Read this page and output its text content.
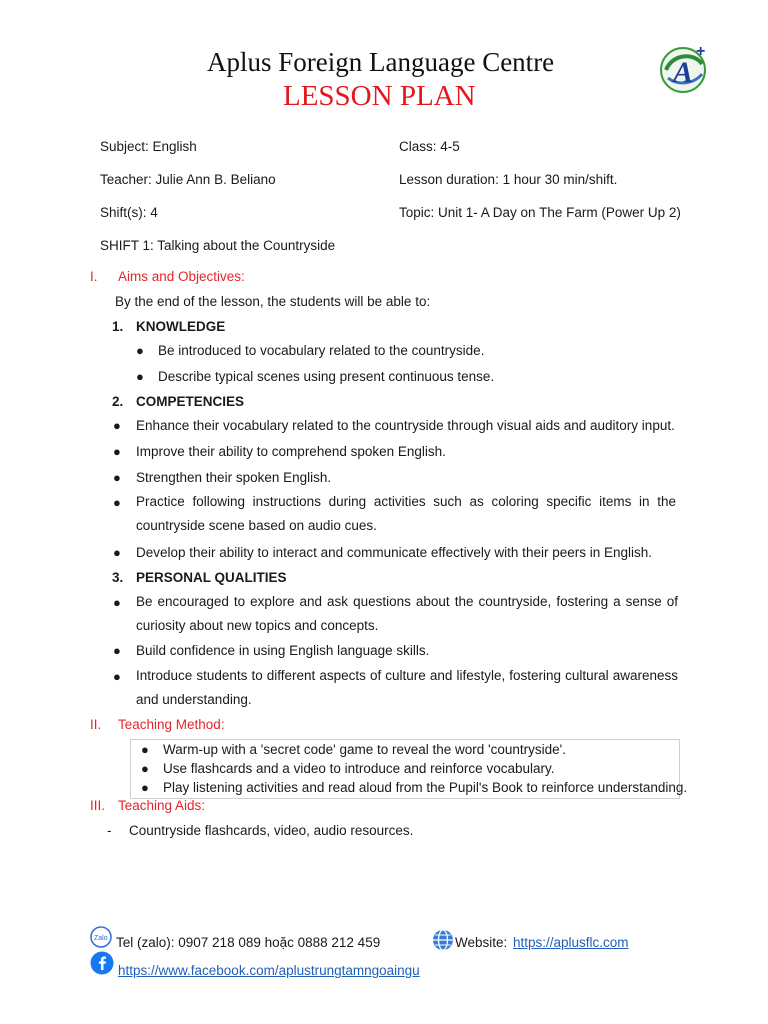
Aplus Foreign Language Centre
LESSON PLAN
A
+
Subject: English	Class: 4-5
Teacher: Julie Ann B. Beliano	Lesson duration: 1 hour 30 min/shift.
Shift(s): 4	Topic: Unit 1- A Day on The Farm (Power Up 2)
SHIFT 1: Talking about the Countryside
I. Aims and Objectives:
By the end of the lesson, the students will be able to:
1. KNOWLEDGE
● Be introduced to vocabulary related to the countryside.
● Describe typical scenes using present continuous tense.
2. COMPETENCIES
● Enhance their vocabulary related to the countryside through visual aids and auditory input.
● Improve their ability to comprehend spoken English.
● Strengthen their spoken English.
● Practice following instructions during activities such as coloring specific items in the countryside scene based on audio cues.
● Develop their ability to interact and communicate effectively with their peers in English.
3. PERSONAL QUALITIES
● Be encouraged to explore and ask questions about the countryside, fostering a sense of curiosity about new topics and concepts.
● Build confidence in using English language skills.
● Introduce students to different aspects of culture and lifestyle, fostering cultural awareness and understanding.
II. Teaching Method:
● Warm-up with a 'secret code' game to reveal the word 'countryside'.
● Use flashcards and a video to introduce and reinforce vocabulary.
● Play listening activities and read aloud from the Pupil's Book to reinforce understanding.
III. Teaching Aids:
- Countryside flashcards, video, audio resources.
Zalo Tel (zalo): 0907 218 089 hoặc 0888 212 459	Website: https://aplusflc.com
https://www.facebook.com/aplustrungtamngoaingu
